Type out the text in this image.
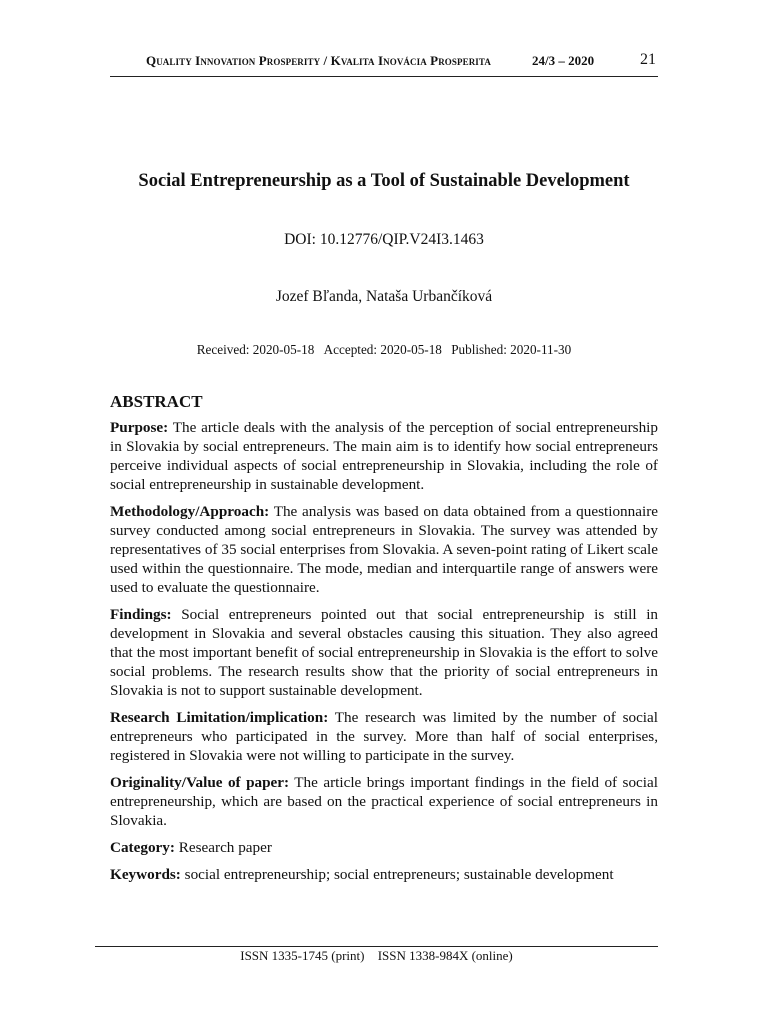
Quality Innovation Prosperity / Kvalita Inovácia Prosperita	24/3 – 2020	21
Social Entrepreneurship as a Tool of Sustainable Development
DOI: 10.12776/QIP.V24I3.1463
Jozef Bľanda, Nataša Urbančíková
Received: 2020-05-18 Accepted: 2020-05-18 Published: 2020-11-30
ABSTRACT

Purpose: The article deals with the analysis of the perception of social entrepreneurship in Slovakia by social entrepreneurs. The main aim is to identify how social entrepreneurs perceive individual aspects of social entrepreneurship in Slovakia, including the role of social entrepreneurship in sustainable development.

Methodology/Approach: The analysis was based on data obtained from a questionnaire survey conducted among social entrepreneurs in Slovakia. The survey was attended by representatives of 35 social enterprises from Slovakia. A seven-point rating of Likert scale used within the questionnaire. The mode, median and interquartile range of answers were used to evaluate the questionnaire.

Findings: Social entrepreneurs pointed out that social entrepreneurship is still in development in Slovakia and several obstacles causing this situation. They also agreed that the most important benefit of social entrepreneurship in Slovakia is the effort to solve social problems. The research results show that the priority of social entrepreneurs in Slovakia is not to support sustainable development.

Research Limitation/implication: The research was limited by the number of social entrepreneurs who participated in the survey. More than half of social enterprises, registered in Slovakia were not willing to participate in the survey.

Originality/Value of paper: The article brings important findings in the field of social entrepreneurship, which are based on the practical experience of social entrepreneurs in Slovakia.

Category: Research paper

Keywords: social entrepreneurship; social entrepreneurs; sustainable development

ISSN 1335-1745 (print) ISSN 1338-984X (online)
